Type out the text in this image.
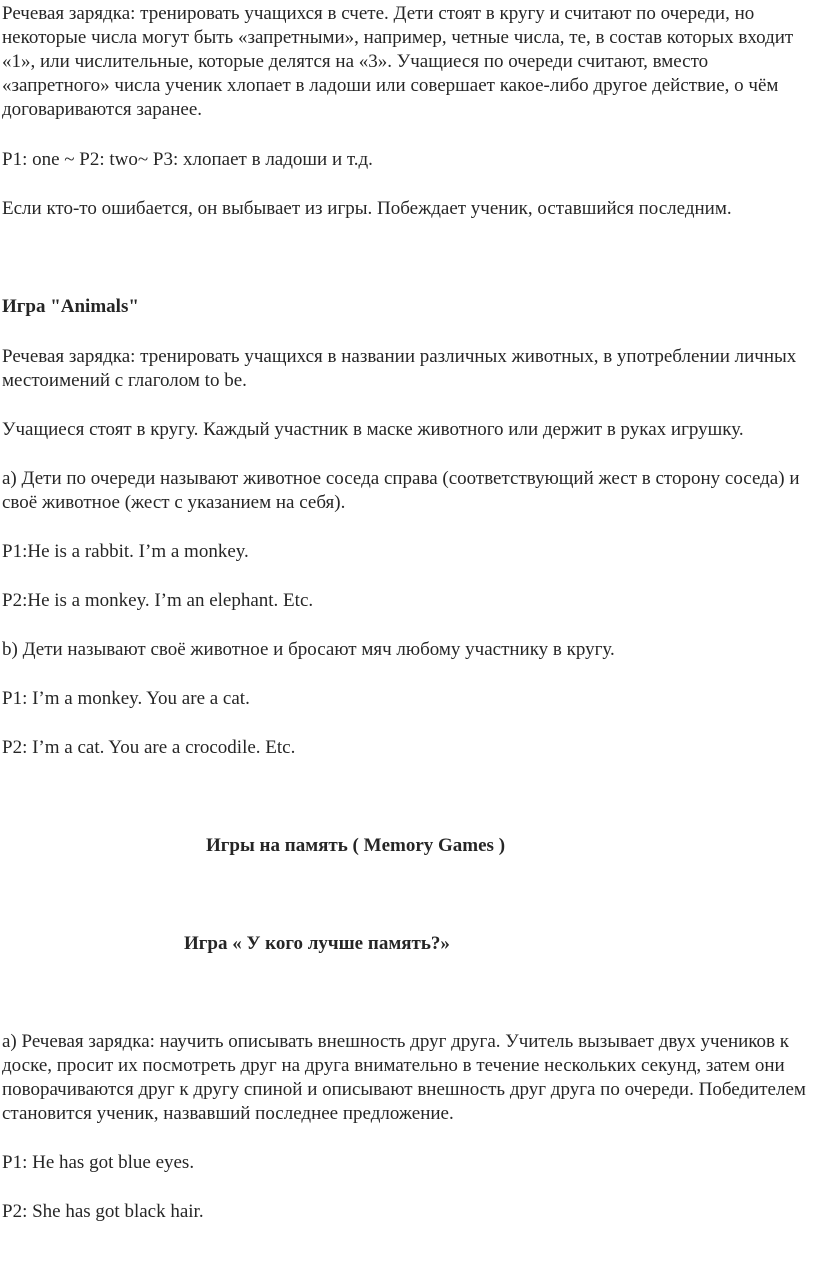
Речевая зарядка: тренировать учащихся в счете. Дети стоят в кругу и считают по очереди, но некоторые числа могут быть «запретными», например, четные числа, те, в состав которых входит «1», или числительные, которые делятся на «3». Учащиеся по очереди считают, вместо «запретного» числа ученик хлопает в ладоши или совершает какое-либо другое действие, о чём договариваются заранее.

P1: one ~ P2: two~ P3: хлопает в ладоши и т.д.

Если кто-то ошибается, он выбывает из игры. Побеждает ученик, оставшийся последним.

Игра "Animals"

Речевая зарядка: тренировать учащихся в названии различных животных, в употреблении личных местоимений с глаголом to be.

Учащиеся стоят в кругу. Каждый участник в маске животного или держит в руках игрушку.

а) Дети по очереди называют животное соседа справа (соответствующий жест в сторону соседа) и своё животное (жест с указанием на себя).

P1:He is a rabbit. I’m a monkey.

P2:He is a monkey. I’m an elephant. Etc.

b) Дети называют своё животное и бросают мяч любому участнику в кругу.

P1: I’m a monkey. You are a cat.

P2: I’m a cat. You are a crocodile. Etc.

Игры на память ( Memory Games )

Игра « У кого лучше память?»

а) Речевая зарядка: научить описывать внешность друг друга. Учитель вызывает двух учеников к доске, просит их посмотреть друг на друга внимательно в течение нескольких секунд, затем они поворачиваются друг к другу спиной и описывают внешность друг друга по очереди. Победителем становится ученик, назвавший последнее предложение.

P1: He has got blue eyes.

P2: She has got black hair.
